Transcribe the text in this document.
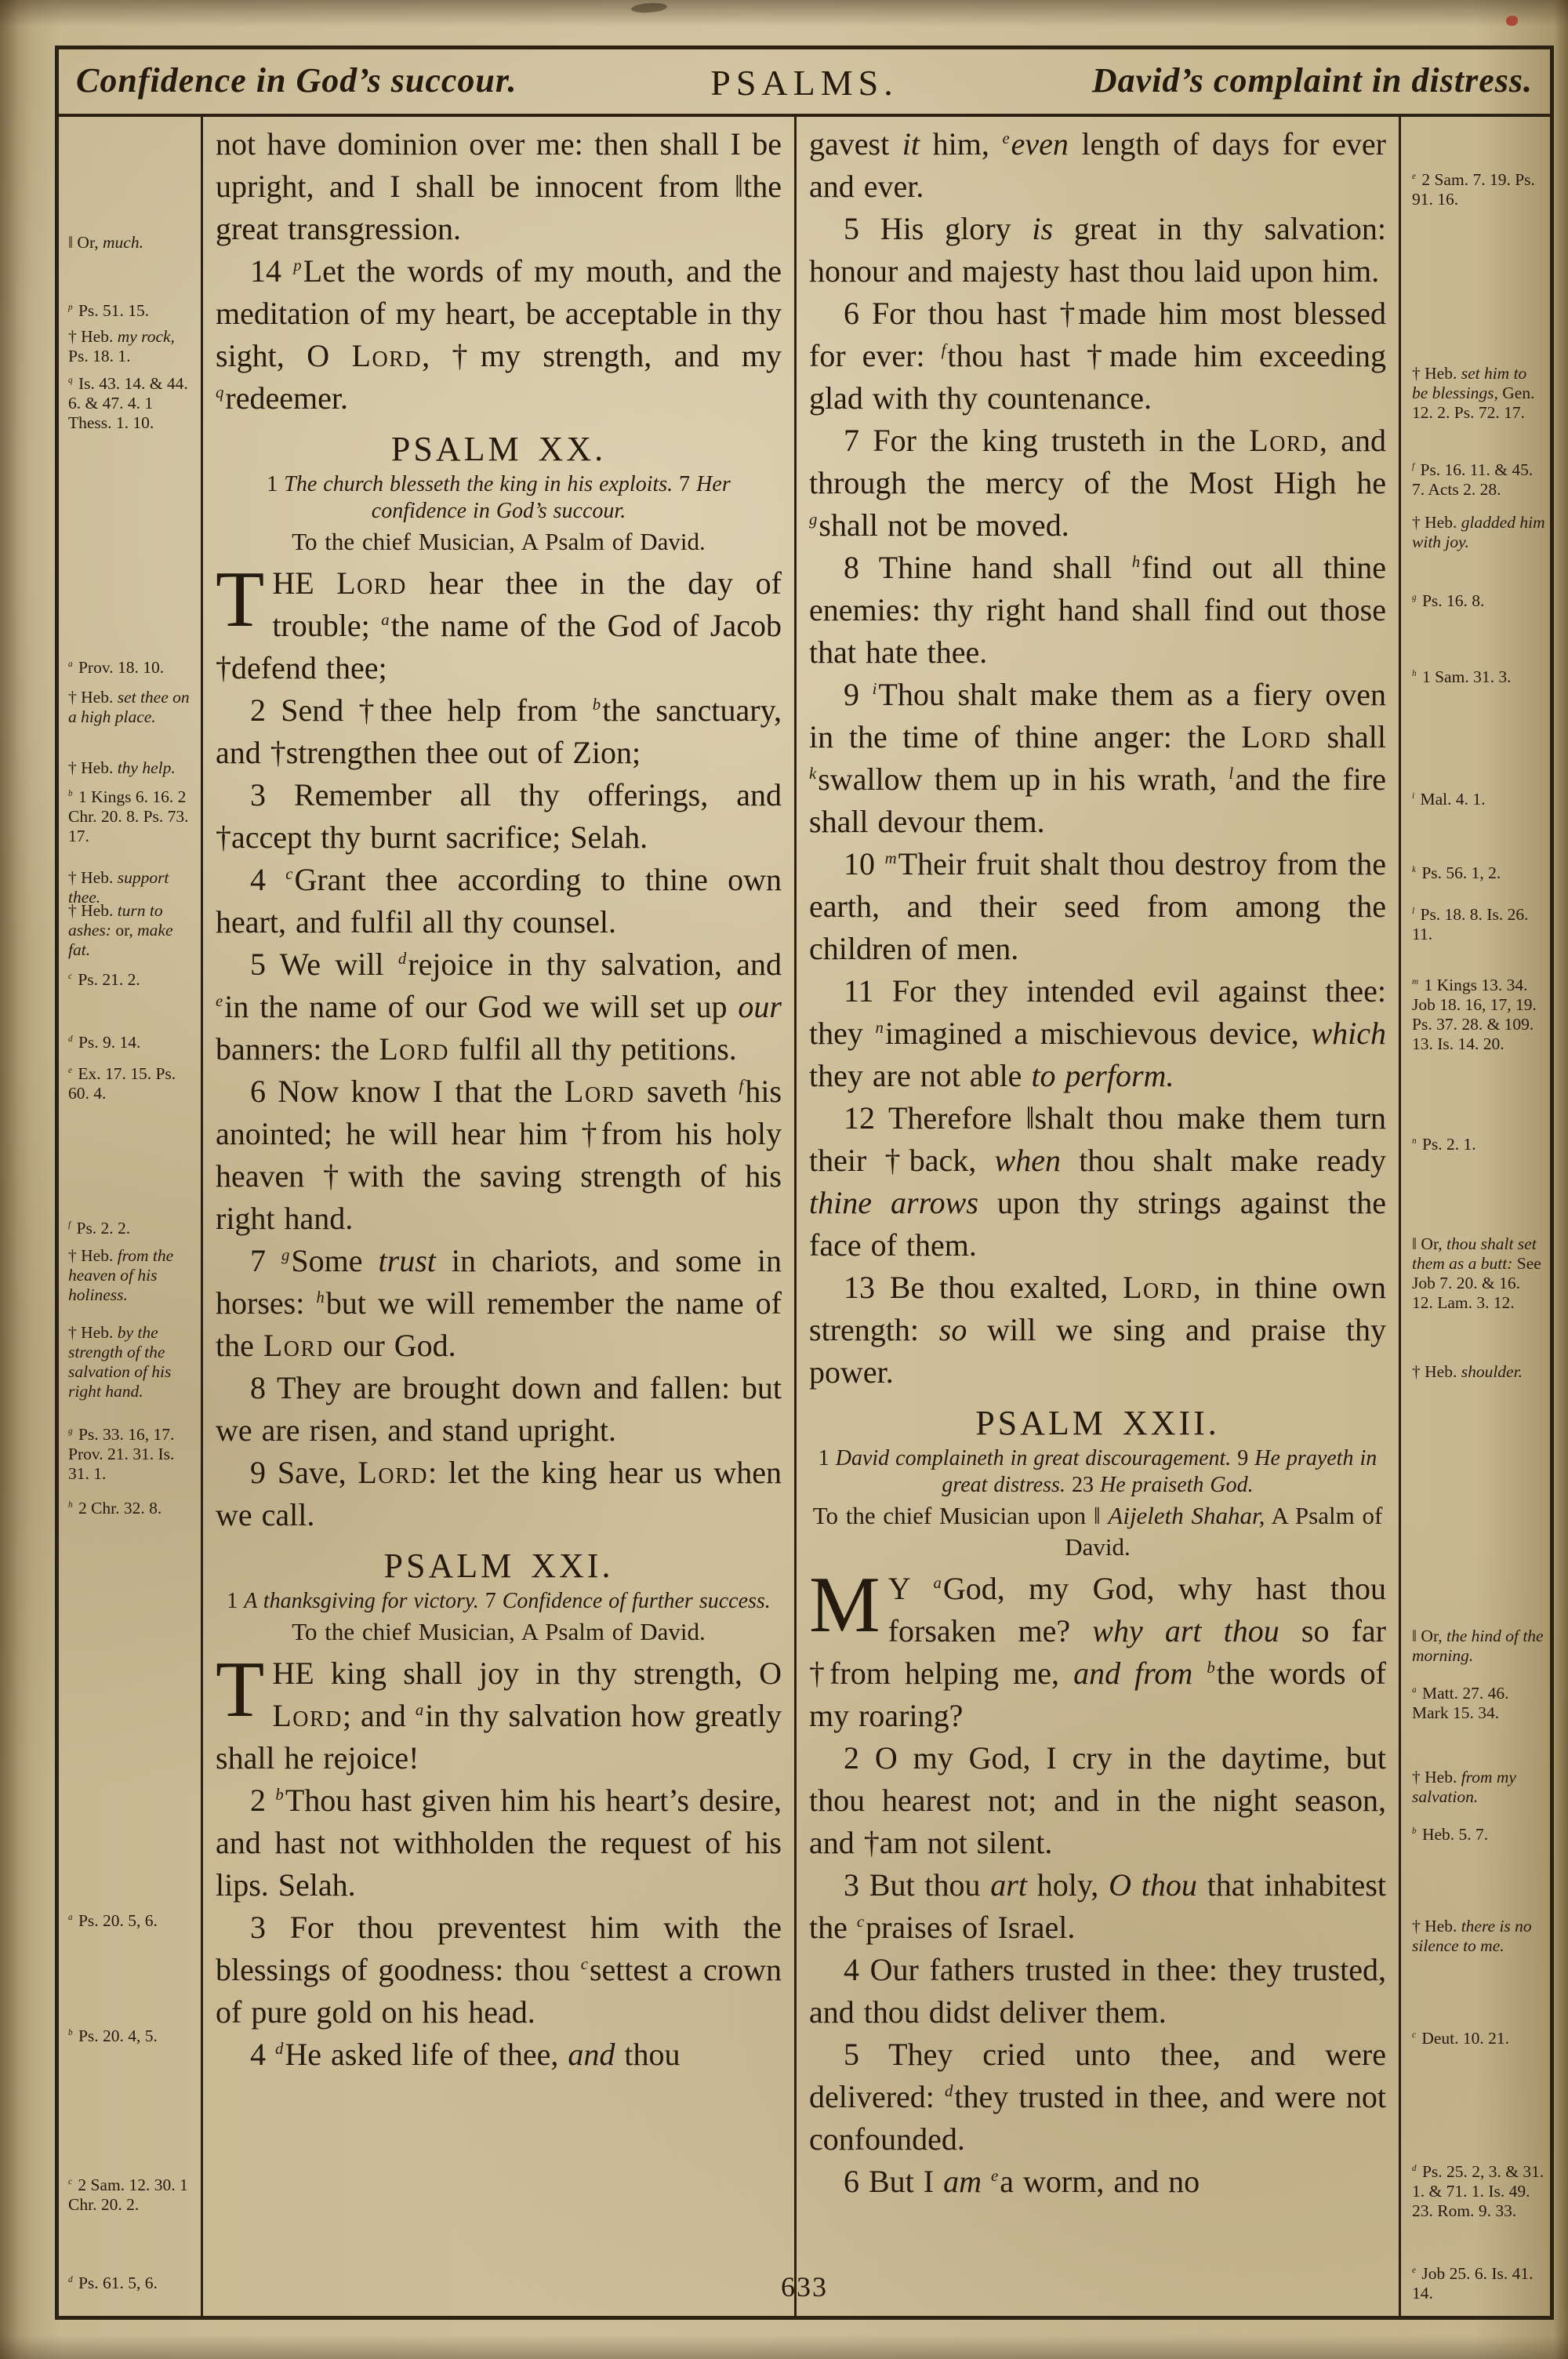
Confidence in God’s succour.	PSALMS.	David’s complaint in distress.
‖ Or, much.
$^p$ Ps. 51. 15.
† Heb. my rock, Ps. 18. 1.
$^q$ Is. 43. 14. & 44. 6. & 47. 4. 1 Thess. 1. 10.
$^a$ Prov. 18. 10.
† Heb. set thee on a high place.
† Heb. thy help.
$^b$ 1 Kings 6. 16. 2 Chr. 20. 8. Ps. 73. 17.
† Heb. support thee.
† Heb. turn to ashes: or, make fat.
$^c$ Ps. 21. 2.
$^d$ Ps. 9. 14.
$^e$ Ex. 17. 15. Ps. 60. 4.
$^f$ Ps. 2. 2.
† Heb. from the heaven of his holiness.
† Heb. by the strength of the salvation of his right hand.
$^g$ Ps. 33. 16, 17. Prov. 21. 31. Is. 31. 1.
$^h$ 2 Chr. 32. 8.
$^a$ Ps. 20. 5, 6.
$^b$ Ps. 20. 4, 5.
$^c$ 2 Sam. 12. 30. 1 Chr. 20. 2.
$^d$ Ps. 61. 5, 6.
not have dominion over me: then shall I be upright, and I shall be innocent from ‖the great transgression.
14 $^p$Let the words of my mouth, and the meditation of my heart, be acceptable in thy sight, O Lord, †my strength, and my $^q$redeemer.
PSALM XX.
1 The church blesseth the king in his exploits. 7 Her confidence in God’s succour.
To the chief Musician, A Psalm of David.
THE Lord hear thee in the day of trouble; $^a$the name of the God of Jacob †defend thee;
2 Send †thee help from $^b$the sanctuary, and †strengthen thee out of Zion;
3 Remember all thy offerings, and †accept thy burnt sacrifice; Selah.
4 $^c$Grant thee according to thine own heart, and fulfil all thy counsel.
5 We will $^d$rejoice in thy salvation, and $^e$in the name of our God we will set up our banners: the Lord fulfil all thy petitions.
6 Now know I that the Lord saveth $^f$his anointed; he will hear him †from his holy heaven †with the saving strength of his right hand.
7 $^g$Some trust in chariots, and some in horses: $^h$but we will remember the name of the Lord our God.
8 They are brought down and fallen: but we are risen, and stand upright.
9 Save, Lord: let the king hear us when we call.
PSALM XXI.
1 A thanksgiving for victory. 7 Confidence of further success.
To the chief Musician, A Psalm of David.
THE king shall joy in thy strength, O Lord; and $^a$in thy salvation how greatly shall he rejoice!
2 $^b$Thou hast given him his heart’s desire, and hast not withholden the request of his lips. Selah.
3 For thou preventest him with the blessings of goodness: thou $^c$settest a crown of pure gold on his head.
4 $^d$He asked life of thee, and thou
gavest it him, $^e$even length of days for ever and ever.
5 His glory is great in thy salvation: honour and majesty hast thou laid upon him.
6 For thou hast †made him most blessed for ever: $^f$thou hast †made him exceeding glad with thy countenance.
7 For the king trusteth in the Lord, and through the mercy of the Most High he $^g$shall not be moved.
8 Thine hand shall $^h$find out all thine enemies: thy right hand shall find out those that hate thee.
9 $^i$Thou shalt make them as a fiery oven in the time of thine anger: the Lord shall $^k$swallow them up in his wrath, $^l$and the fire shall devour them.
10 $^m$Their fruit shalt thou destroy from the earth, and their seed from among the children of men.
11 For they intended evil against thee: they $^n$imagined a mischievous device, which they are not able to perform.
12 Therefore ‖shalt thou make them turn their †back, when thou shalt make ready thine arrows upon thy strings against the face of them.
13 Be thou exalted, Lord, in thine own strength: so will we sing and praise thy power.
PSALM XXII.
1 David complaineth in great discouragement. 9 He prayeth in great distress. 23 He praiseth God.
To the chief Musician upon ‖ Aijeleth Shahar, A Psalm of David.
M Y $^a$God, my God, why hast thou forsaken me? why art thou so far †from helping me, and from $^b$the words of my roaring?
2 O my God, I cry in the daytime, but thou hearest not; and in the night season, and †am not silent.
3 But thou art holy, O thou that inhabitest the $^c$praises of Israel.
4 Our fathers trusted in thee: they trusted, and thou didst deliver them.
5 They cried unto thee, and were delivered: $^d$they trusted in thee, and were not confounded.
6 But I am $^e$a worm, and no
$^e$ 2 Sam. 7. 19. Ps. 91. 16.
† Heb. set him to be blessings, Gen. 12. 2. Ps. 72. 17.
$^f$ Ps. 16. 11. & 45. 7. Acts 2. 28.
† Heb. gladded him with joy.
$^g$ Ps. 16. 8.
$^h$ 1 Sam. 31. 3.
$^i$ Mal. 4. 1.
$^k$ Ps. 56. 1, 2.
$^l$ Ps. 18. 8. Is. 26. 11.
$^m$ 1 Kings 13. 34. Job 18. 16, 17, 19. Ps. 37. 28. & 109. 13. Is. 14. 20.
$^n$ Ps. 2. 1.
‖ Or, thou shalt set them as a butt: See Job 7. 20. & 16. 12. Lam. 3. 12.
† Heb. shoulder.
‖ Or, the hind of the morning.
$^a$ Matt. 27. 46. Mark 15. 34.
† Heb. from my salvation.
$^b$ Heb. 5. 7.
† Heb. there is no silence to me.
$^c$ Deut. 10. 21.
$^d$ Ps. 25. 2, 3. & 31. 1. & 71. 1. Is. 49. 23. Rom. 9. 33.
$^e$ Job 25. 6. Is. 41. 14.
633
